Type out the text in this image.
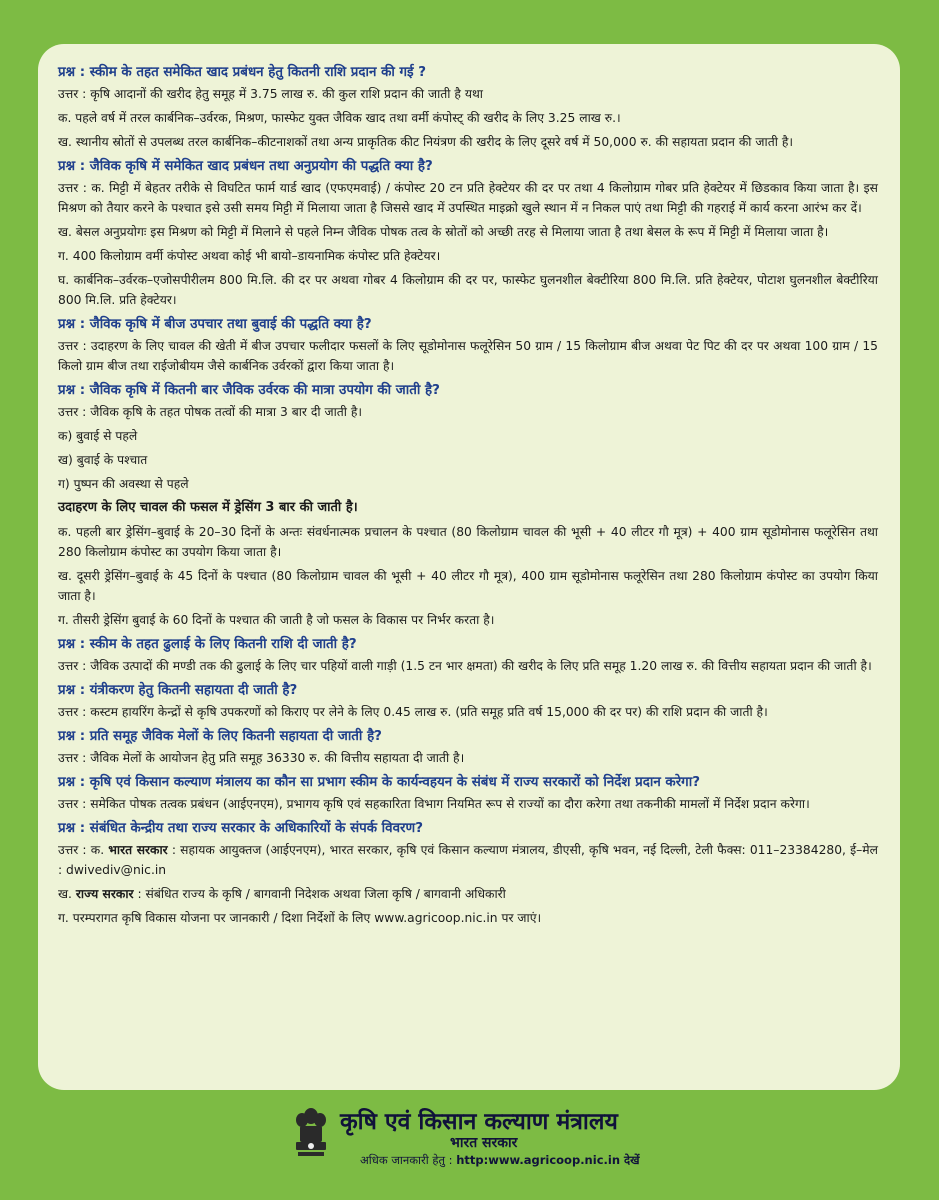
प्रश्न : स्कीम के तहत समेकित खाद प्रबंधन हेतु कितनी राशि प्रदान की गई ?
उत्तर : कृषि आदानों की खरीद हेतु समूह में 3.75 लाख रु. की कुल राशि प्रदान की जाती है यथा
क. पहले वर्ष में तरल कार्बनिक–उर्वरक, मिश्रण, फास्फेट युक्त जैविक खाद तथा वर्मी कंपोस्ट् की खरीद के लिए 3.25 लाख रु.।
ख. स्थानीय स्रोतों से उपलब्ध तरल कार्बनिक–कीटनाशकों तथा अन्य प्राकृतिक कीट नियंत्रण की खरीद के लिए दूसरे वर्ष में 50,000 रु. की सहायता प्रदान की जाती है।
प्रश्न : जैविक कृषि में समेकित खाद प्रबंधन तथा अनुप्रयोग की पद्धति क्या है?
उत्तर : क. मिट्टी में बेहतर तरीके से विघटित फार्म यार्ड खाद (एफएमवाई) / कंपोस्ट 20 टन प्रति हेक्टेयर की दर पर तथा 4 किलोग्राम गोबर प्रति हेक्टेयर में छिडकाव किया जाता है। इस मिश्रण को तैयार करने के पश्चात इसे उसी समय मिट्टी में मिलाया जाता है जिससे खाद में उपस्थित माइक्रो खुले स्थान में न निकल पाएं तथा मिट्टी की गहराई में कार्य करना आरंभ कर दें।
ख. बेसल अनुप्रयोगः इस मिश्रण को मिट्टी में मिलाने से पहले निम्न जैविक पोषक तत्व के स्रोतों को अच्छी तरह से मिलाया जाता है तथा बेसल के रूप में मिट्टी में मिलाया जाता है।
ग. 400 किलोग्राम वर्मी कंपोस्ट अथवा कोई भी बायो–डायनामिक कंपोस्ट प्रति हेक्टेयर।
घ. कार्बनिक–उर्वरक–एजोसपीरीलम 800 मि.लि. की दर पर अथवा गोबर 4 किलोग्राम की दर पर, फास्फेट घुलनशील बेक्टीरिया 800 मि.लि. प्रति हेक्टेयर, पोटाश घुलनशील बेक्टीरिया 800 मि.लि. प्रति हेक्टेयर।
प्रश्न : जैविक कृषि में बीज उपचार तथा बुवाई की पद्धति क्या है?
उत्तर : उदाहरण के लिए चावल की खेती में बीज उपचार फलीदार फसलों के लिए सूडोमोनास फलूरेसिन 50 ग्राम / 15 किलोग्राम बीज अथवा पेट पिट की दर पर अथवा 100 ग्राम / 15 किलो ग्राम बीज तथा राईजोबीयम जैसे कार्बनिक उर्वरकों द्वारा किया जाता है।
प्रश्न : जैविक कृषि में कितनी बार जैविक उर्वरक की मात्रा उपयोग की जाती है?
उत्तर : जैविक कृषि के तहत पोषक तत्वों की मात्रा 3 बार दी जाती है।
क) बुवाई से पहले
ख) बुवाई के पश्चात
ग) पुष्पन की अवस्था से पहले
उदाहरण के लिए चावल की फसल में ड्रेसिंग 3 बार की जाती है।
क. पहली बार ड्रेसिंग–बुवाई के 20–30 दिनों के अन्तः संवर्धनात्मक प्रचालन के पश्चात (80 किलोग्राम चावल की भूसी + 40 लीटर गौ मूत्र) + 400 ग्राम सूडोमोनास फलूरेसिन तथा 280 किलोग्राम कंपोस्ट का उपयोग किया जाता है।
ख. दूसरी ड्रेसिंग–बुवाई के 45 दिनों के पश्चात (80 किलोग्राम चावल की भूसी + 40 लीटर गौ मूत्र), 400 ग्राम सूडोमोनास फलूरेसिन तथा 280 किलोग्राम कंपोस्ट का उपयोग किया जाता है।
ग. तीसरी ड्रेसिंग बुवाई के 60 दिनों के पश्चात की जाती है जो फसल के विकास पर निर्भर करता है।
प्रश्न : स्कीम के तहत ढुलाई के लिए कितनी राशि दी जाती है?
उत्तर : जैविक उत्पादों की मण्डी तक की ढुलाई के लिए चार पहियों वाली गाड़ी (1.5 टन भार क्षमता) की खरीद के लिए प्रति समूह 1.20 लाख रु. की वित्तीय सहायता प्रदान की जाती है।
प्रश्न : यंत्रीकरण हेतु कितनी सहायता दी जाती है?
उत्तर : कस्टम हायरिंग केन्द्रों से कृषि उपकरणों को किराए पर लेने के लिए 0.45 लाख रु. (प्रति समूह प्रति वर्ष 15,000 की दर पर) की राशि प्रदान की जाती है।
प्रश्न : प्रति समूह जैविक मेलों के लिए कितनी सहायता दी जाती है?
उत्तर : जैविक मेलों के आयोजन हेतु प्रति समूह 36330 रु. की वित्तीय सहायता दी जाती है।
प्रश्न : कृषि एवं किसान कल्याण मंत्रालय का कौन सा प्रभाग स्कीम के कार्यन्वहयन के संबंध में राज्य सरकारों को निर्देश प्रदान करेगा?
उत्तर : समेकित पोषक तत्वक प्रबंधन (आईएनएम), प्रभागय कृषि एवं सहकारिता विभाग नियमित रूप से राज्यों का दौरा करेगा तथा तकनीकी मामलों में निर्देश प्रदान करेगा।
प्रश्न : संबंधित केन्द्रीय तथा राज्य सरकार के अधिकारियों के संपर्क विवरण?
उत्तर : क. भारत सरकार : सहायक आयुक्तज (आईएनएम), भारत सरकार, कृषि एवं किसान कल्याण मंत्रालय, डीएसी, कृषि भवन, नई दिल्ली, टेली फैक्स: 011–23384280, ई–मेल : dwivediv@nic.in
ख. राज्य सरकार : संबंधित राज्य के कृषि / बागवानी निदेशक अथवा जिला कृषि / बागवानी अधिकारी
ग. परम्परागत कृषि विकास योजना पर जानकारी / दिशा निर्देशों के लिए www.agricoop.nic.in पर जाएं।
कृषि एवं किसान कल्याण मंत्रालय
भारत सरकार
अधिक जानकारी हेतु : http:www.agricoop.nic.in देखें
